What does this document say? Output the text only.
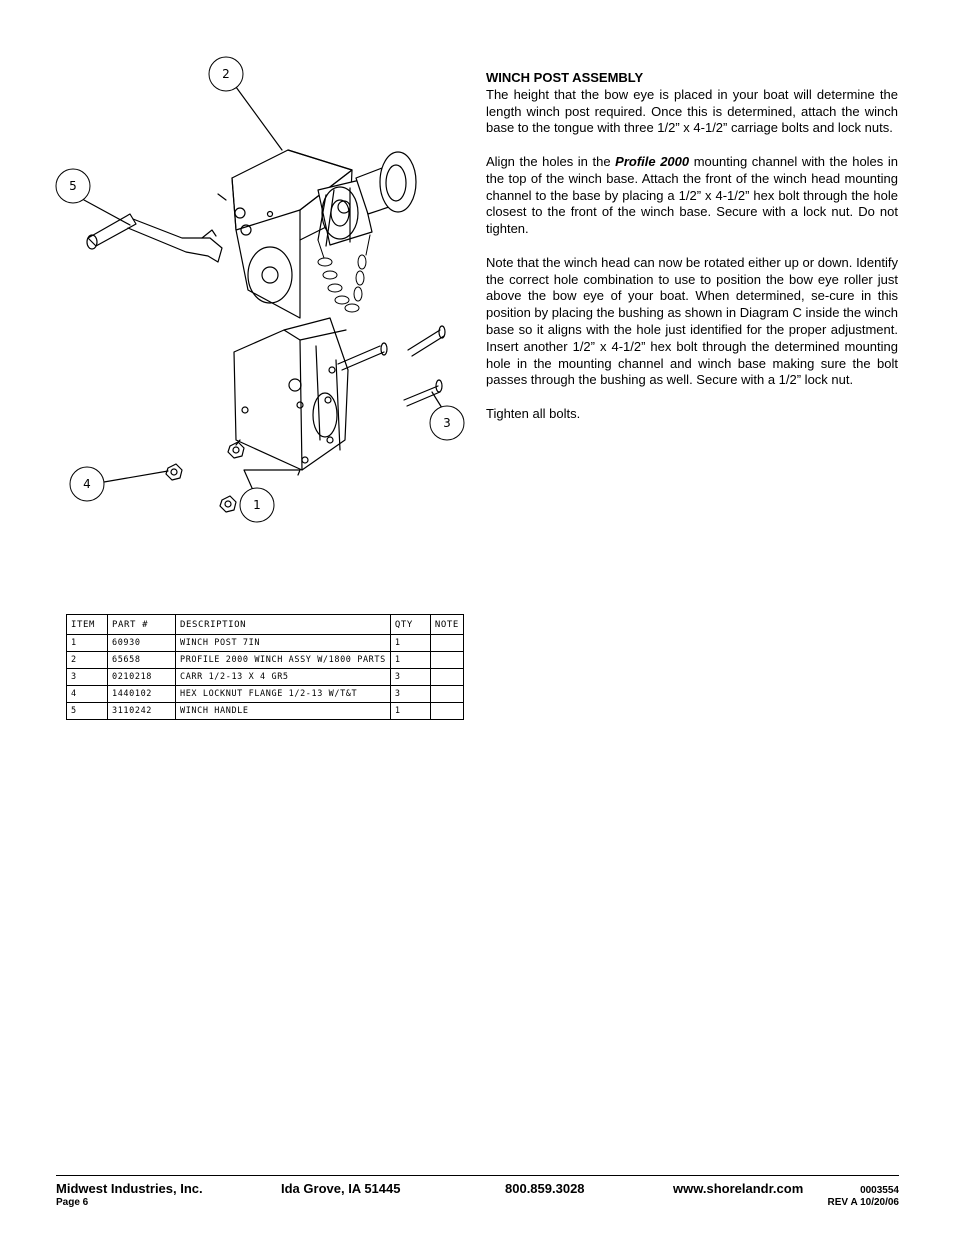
2
5
3
4
1
ITEM	PART #	DESCRIPTION	QTY	NOTE
1	60930	WINCH POST 7IN	1	
2	65658	PROFILE 2000 WINCH ASSY W/1800 PARTS	1	
3	0210218	CARR 1/2-13 X 4 GR5	3	
4	1440102	HEX LOCKNUT FLANGE 1/2-13 W/T&T	3	
5	3110242	WINCH HANDLE	1	
WINCH POST ASSEMBLY

The height that the bow eye is placed in your boat will determine the length winch post required. Once this is determined, attach the winch base to the tongue with three 1/2” x 4-1/2” carriage bolts and lock nuts.

Align the holes in the Profile 2000 mounting channel with the holes in the top of the winch base. Attach the front of the winch head mounting channel to the base by placing a 1/2” x 4-1/2” hex bolt through the hole closest to the front of the winch base. Secure with a lock nut. Do not tighten.

Note that the winch head can now be rotated either up or down. Identify the correct hole combination to use to position the bow eye roller just above the bow eye of your boat. When determined, se-cure in this position by placing the bushing as shown in Diagram C inside the winch base so it aligns with the hole just identified for the proper adjustment. Insert another 1/2” x 4-1/2” hex bolt through the determined mounting hole in the mounting channel and winch base making sure the bolt passes through the bushing as well. Secure with a 1/2” lock nut.

Tighten all bolts.

Midwest Industries, Inc.	Ida Grove, IA 51445	800.859.3028	www.shorelandr.com	0003554
Page 6	REV A 10/20/06
